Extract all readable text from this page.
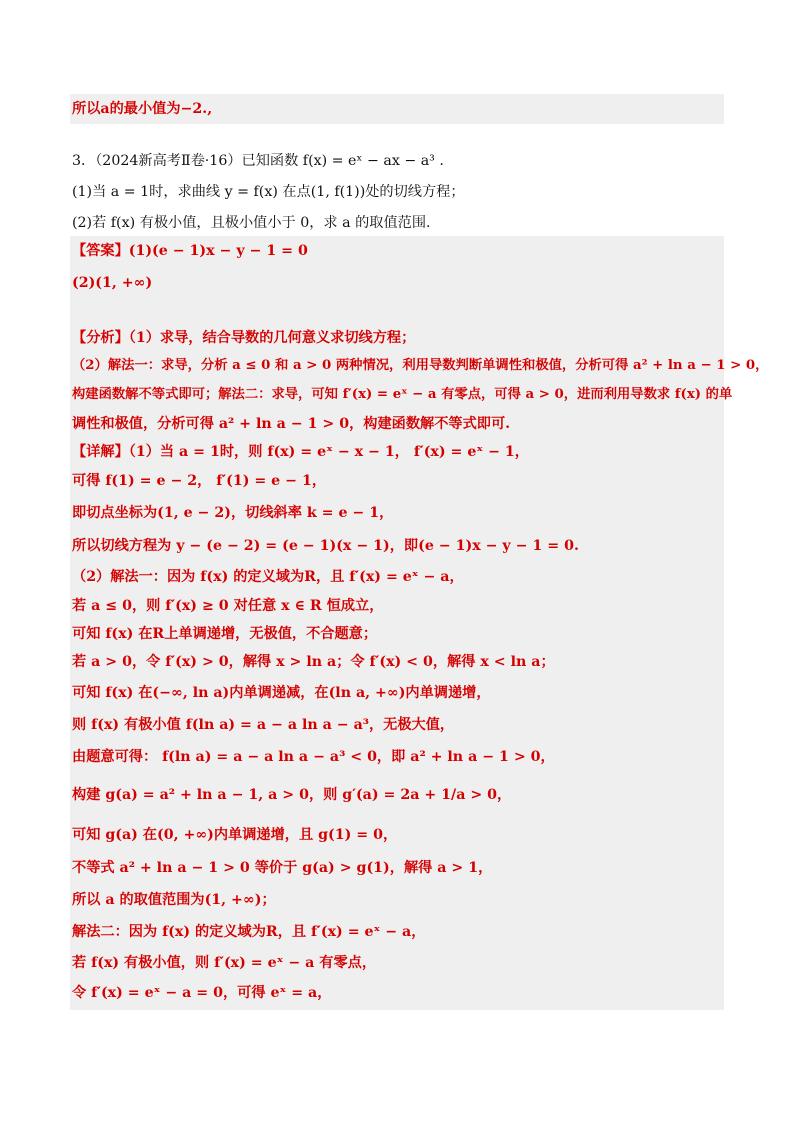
所以a的最小值为−2.,
3．（2024新高考Ⅱ卷·16）已知函数 f(x) = eˣ − ax − a³ .
(1)当 a = 1时，求曲线 y = f(x) 在点(1, f(1))处的切线方程；
(2)若 f(x) 有极小值，且极小值小于 0，求 a 的取值范围.
【答案】(1)(e − 1)x − y − 1 = 0
(2)(1, +∞)
【分析】（1）求导，结合导数的几何意义求切线方程；
（2）解法一：求导，分析 a ≤ 0 和 a > 0 两种情况，利用导数判断单调性和极值，分析可得 a² + ln a − 1 > 0，
构建函数解不等式即可；解法二：求导，可知 f′(x) = eˣ − a 有零点，可得 a > 0，进而利用导数求 f(x) 的单
调性和极值，分析可得 a² + ln a − 1 > 0，构建函数解不等式即可.
【详解】（1）当 a = 1时，则 f(x) = eˣ − x − 1， f′(x) = eˣ − 1，
可得 f(1) = e − 2， f′(1) = e − 1，
即切点坐标为(1, e − 2)，切线斜率 k = e − 1，
所以切线方程为 y − (e − 2) = (e − 1)(x − 1)，即(e − 1)x − y − 1 = 0.
（2）解法一：因为 f(x) 的定义域为R，且 f′(x) = eˣ − a，
若 a ≤ 0，则 f′(x) ≥ 0 对任意 x ∈ R 恒成立，
可知 f(x) 在R上单调递增，无极值，不合题意；
若 a > 0，令 f′(x) > 0，解得 x > ln a；令 f′(x) < 0，解得 x < ln a；
可知 f(x) 在(−∞, ln a)内单调递减，在(ln a, +∞)内单调递增，
则 f(x) 有极小值 f(ln a) = a − a ln a − a³，无极大值，
由题意可得： f(ln a) = a − a ln a − a³ < 0，即 a² + ln a − 1 > 0，
构建 g(a) = a² + ln a − 1, a > 0，则 g′(a) = 2a + 1/a > 0，
可知 g(a) 在(0, +∞)内单调递增，且 g(1) = 0，
不等式 a² + ln a − 1 > 0 等价于 g(a) > g(1)，解得 a > 1，
所以 a 的取值范围为(1, +∞)；
解法二：因为 f(x) 的定义域为R，且 f′(x) = eˣ − a，
若 f(x) 有极小值，则 f′(x) = eˣ − a 有零点，
令 f′(x) = eˣ − a = 0，可得 eˣ = a，
